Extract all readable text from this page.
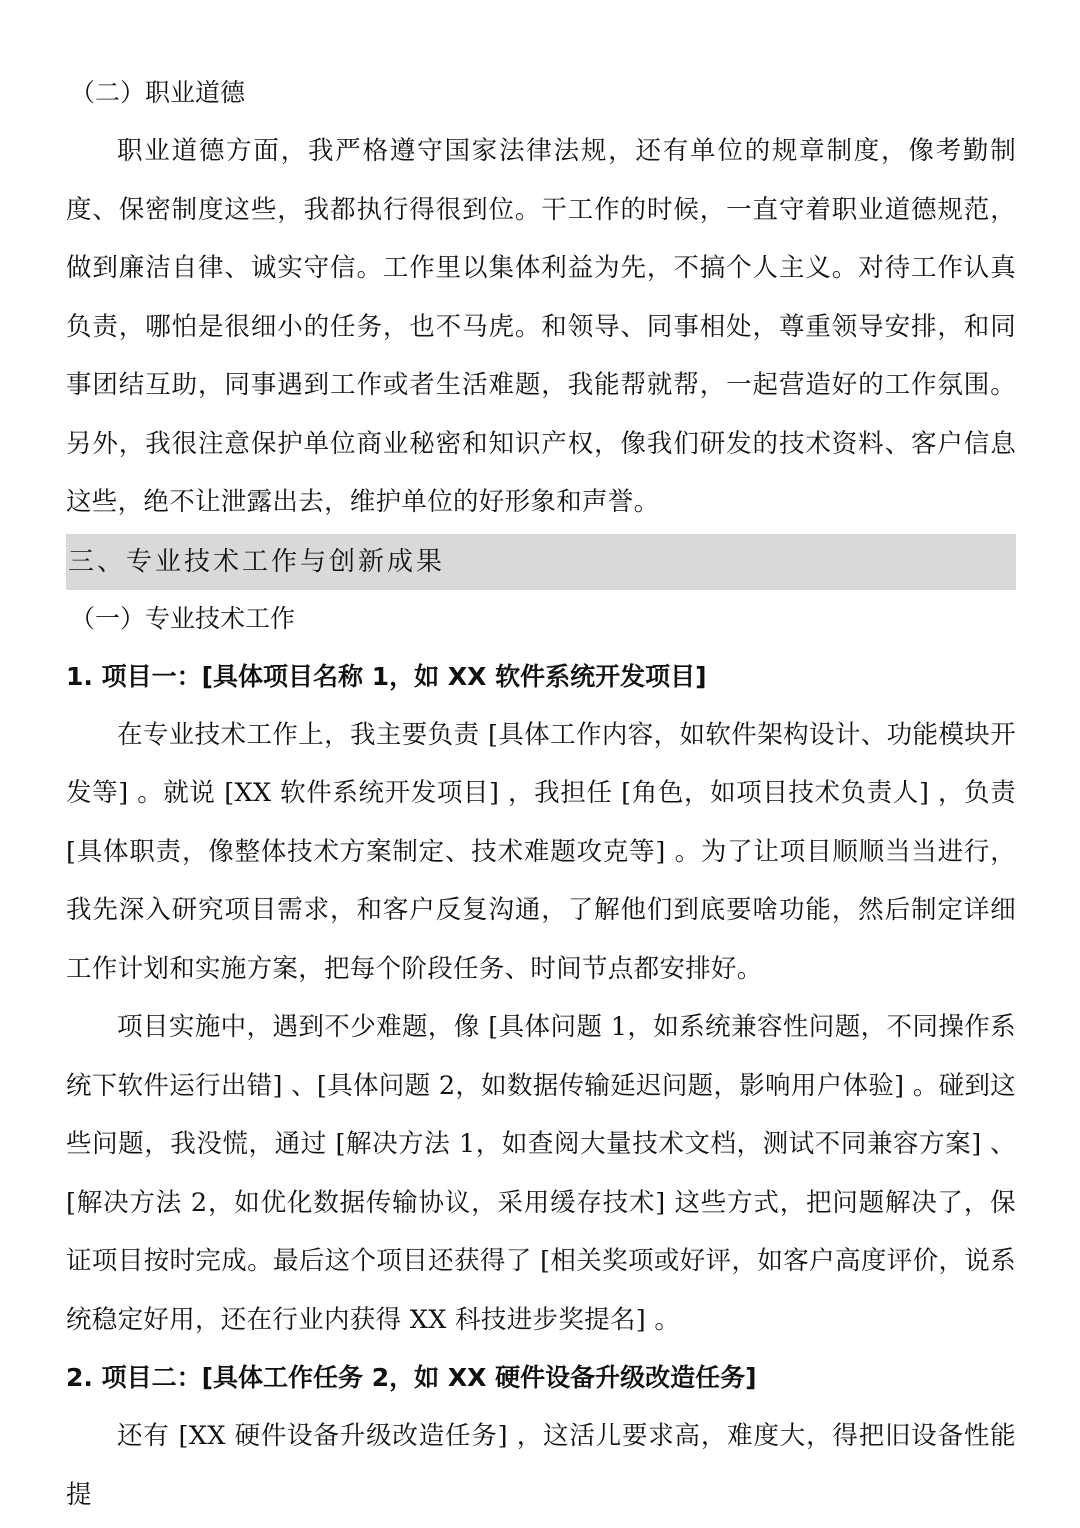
（二）职业道德

职业道德方面，我严格遵守国家法律法规，还有单位的规章制度，像考勤制度、保密制度这些，我都执行得很到位。干工作的时候，一直守着职业道德规范，做到廉洁自律、诚实守信。工作里以集体利益为先，不搞个人主义。对待工作认真负责，哪怕是很细小的任务，也不马虎。和领导、同事相处，尊重领导安排，和同事团结互助，同事遇到工作或者生活难题，我能帮就帮，一起营造好的工作氛围。另外，我很注意保护单位商业秘密和知识产权，像我们研发的技术资料、客户信息这些，绝不让泄露出去，维护单位的好形象和声誉。

三、专业技术工作与创新成果
（一）专业技术工作
1. 项目一：[具体项目名称 1，如 XX 软件系统开发项目]

在专业技术工作上，我主要负责 [具体工作内容，如软件架构设计、功能模块开发等] 。就说 [XX 软件系统开发项目] ，我担任 [角色，如项目技术负责人] ，负责 [具体职责，像整体技术方案制定、技术难题攻克等] 。为了让项目顺顺当当进行，我先深入研究项目需求，和客户反复沟通，了解他们到底要啥功能，然后制定详细工作计划和实施方案，把每个阶段任务、时间节点都安排好。

项目实施中，遇到不少难题，像 [具体问题 1，如系统兼容性问题，不同操作系统下软件运行出错] 、[具体问题 2，如数据传输延迟问题，影响用户体验] 。碰到这些问题，我没慌，通过 [解决方法 1，如查阅大量技术文档，测试不同兼容方案] 、[解决方法 2，如优化数据传输协议，采用缓存技术] 这些方式，把问题解决了，保证项目按时完成。最后这个项目还获得了 [相关奖项或好评，如客户高度评价，说系统稳定好用，还在行业内获得 XX 科技进步奖提名] 。

2. 项目二：[具体工作任务 2，如 XX 硬件设备升级改造任务]

还有 [XX 硬件设备升级改造任务] ，这活儿要求高，难度大，得把旧设备性能提
